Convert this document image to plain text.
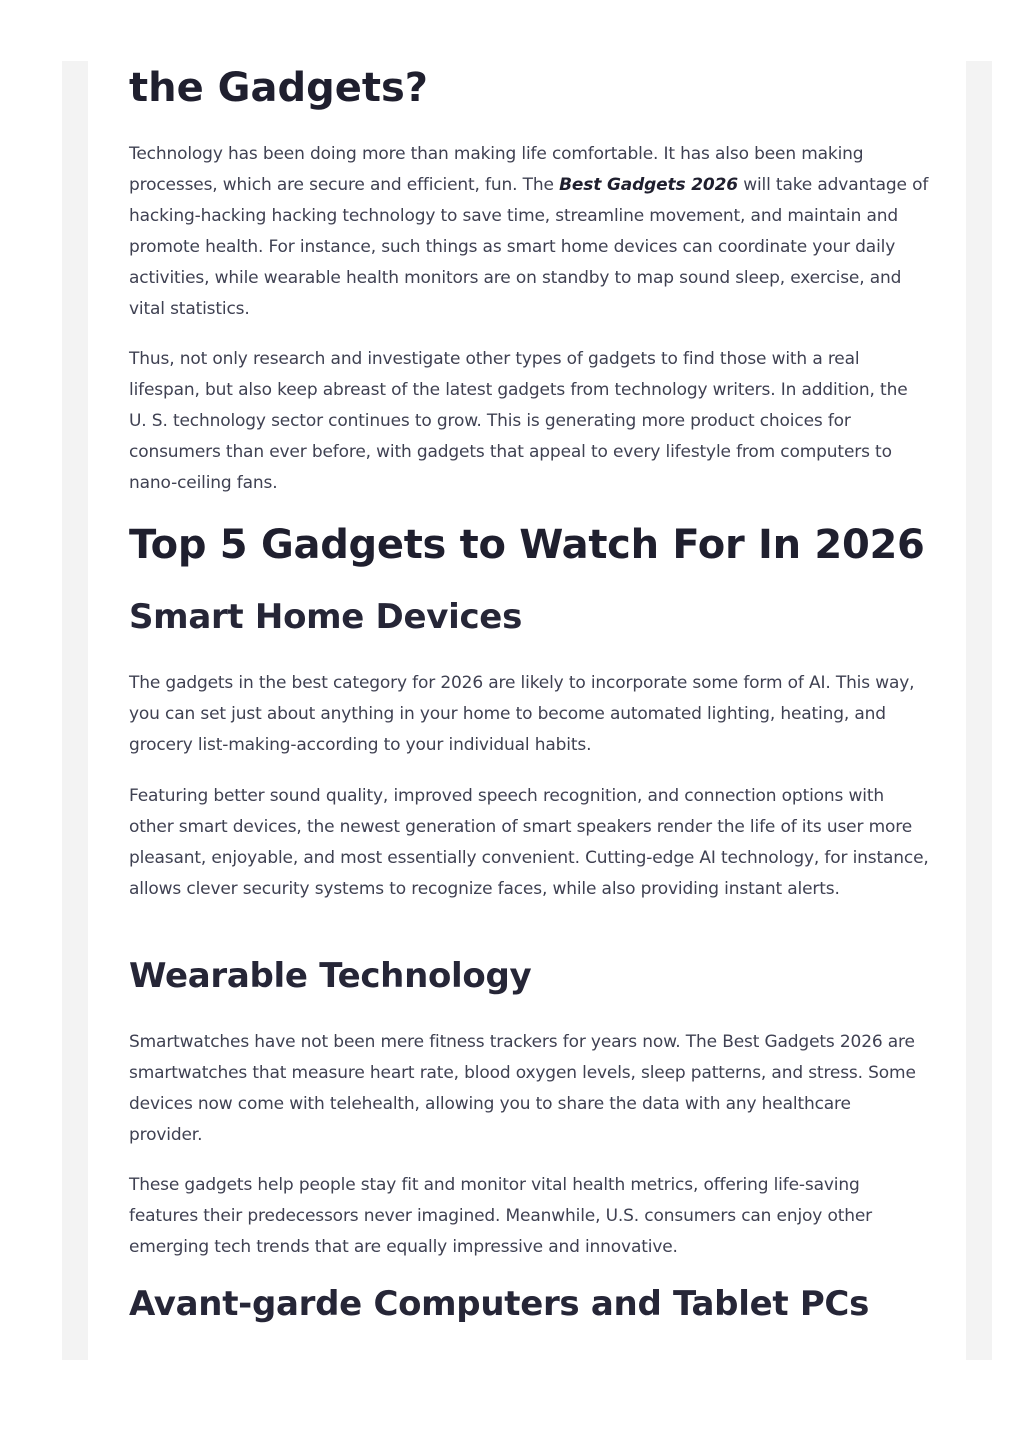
the Gadgets?

Technology has been doing more than making life comfortable. It has also been making processes, which are secure and efficient, fun. The Best Gadgets 2026 will take advantage of hacking-hacking hacking technology to save time, streamline movement, and maintain and promote health. For instance, such things as smart home devices can coordinate your daily activities, while wearable health monitors are on standby to map sound sleep, exercise, and vital statistics.

Thus, not only research and investigate other types of gadgets to find those with a real lifespan, but also keep abreast of the latest gadgets from technology writers. In addition, the U. S. technology sector continues to grow. This is generating more product choices for consumers than ever before, with gadgets that appeal to every lifestyle from computers to nano-ceiling fans.

Top 5 Gadgets to Watch For In 2026
Smart Home Devices

The gadgets in the best category for 2026 are likely to incorporate some form of AI. This way, you can set just about anything in your home to become automated lighting, heating, and grocery list-making-according to your individual habits.

Featuring better sound quality, improved speech recognition, and connection options with other smart devices, the newest generation of smart speakers render the life of its user more pleasant, enjoyable, and most essentially convenient. Cutting-edge AI technology, for instance, allows clever security systems to recognize faces, while also providing instant alerts.

Wearable Technology

Smartwatches have not been mere fitness trackers for years now. The Best Gadgets 2026 are smartwatches that measure heart rate, blood oxygen levels, sleep patterns, and stress. Some devices now come with telehealth, allowing you to share the data with any healthcare provider.

These gadgets help people stay fit and monitor vital health metrics, offering life-saving features their predecessors never imagined. Meanwhile, U.S. consumers can enjoy other emerging tech trends that are equally impressive and innovative.

Avant-garde Computers and Tablet PCs
